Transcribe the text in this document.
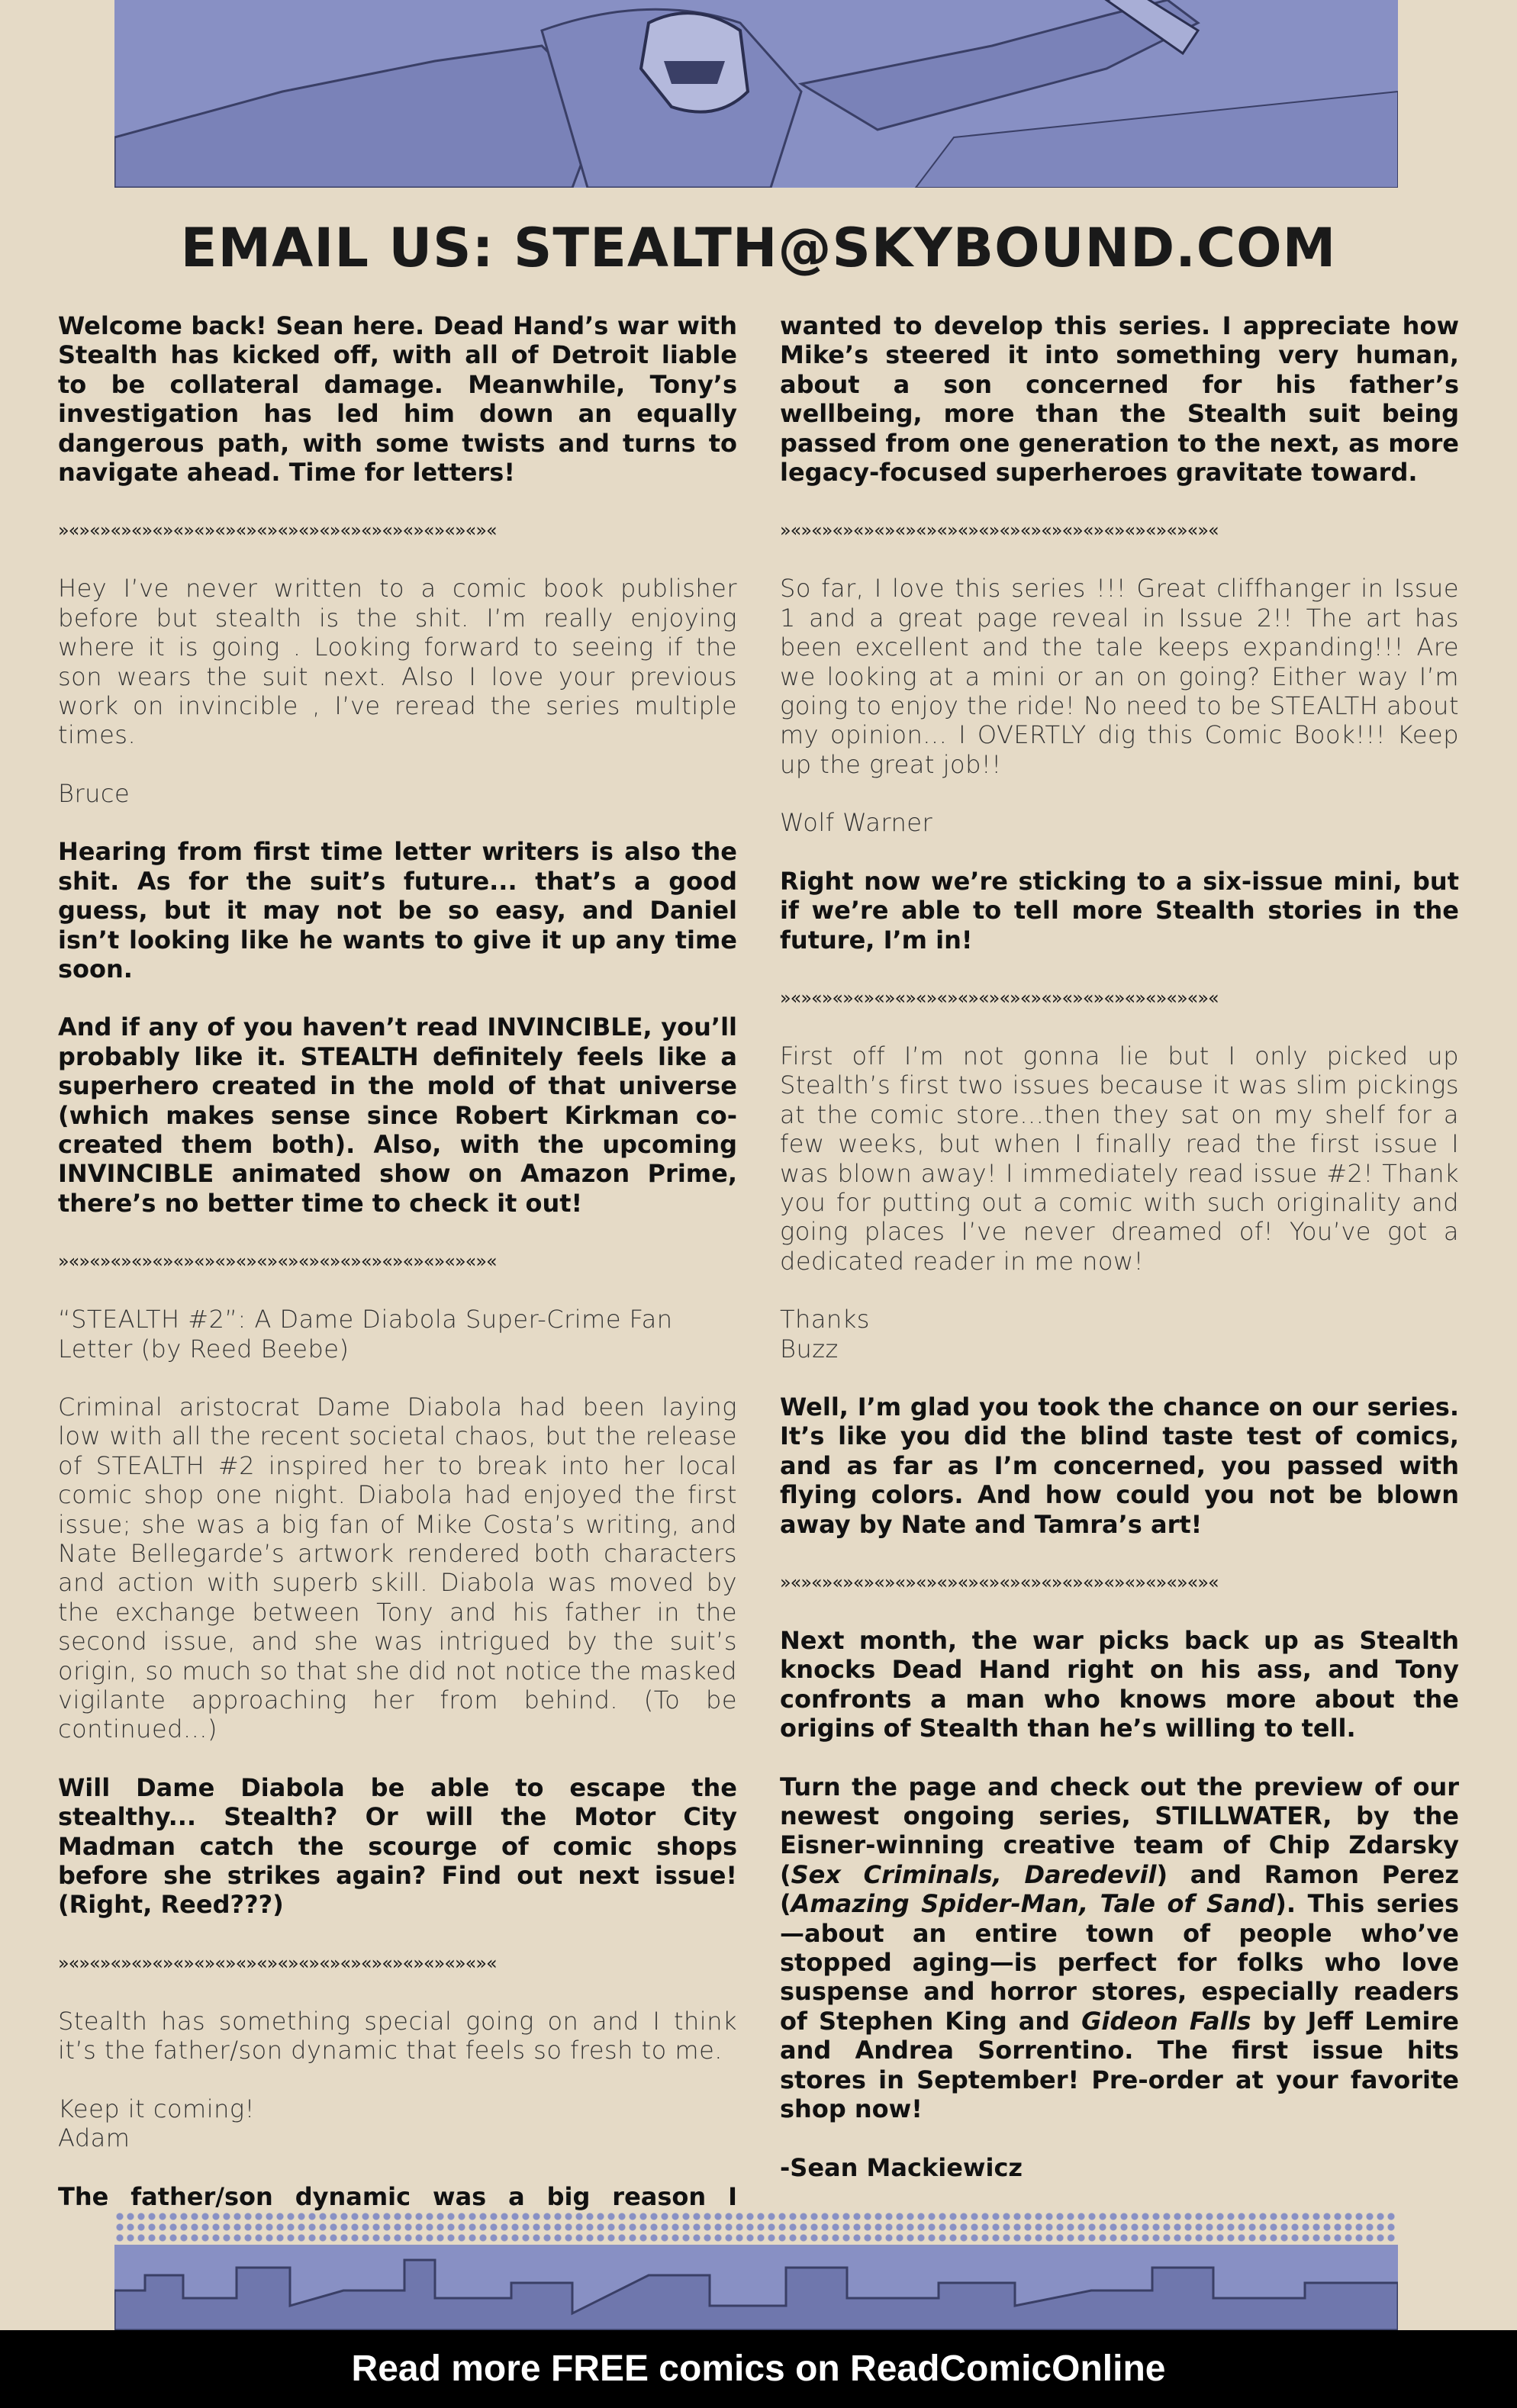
EMAIL US: STEALTH@SKYBOUND.COM

Welcome back! Sean here. Dead Hand’s war with Stealth has kicked off, with all of Detroit liable to be collateral damage. Meanwhile, Tony’s investigation has led him down an equally dangerous path, with some twists and turns to navigate ahead. Time for letters!

»«»«»«»«»«»«»«»«»«»«»«»«»«»«»«»«»«»«»«»«»«

Hey I’ve never written to a comic book publisher before but stealth is the shit. I’m really enjoying where it is going . Looking forward to seeing if the son wears the suit next. Also I love your previous work on invincible , I’ve reread the series multiple times.

Bruce

Hearing from first time letter writers is also the shit. As for the suit’s future... that’s a good guess, but it may not be so easy, and Daniel isn’t looking like he wants to give it up any time soon.

And if any of you haven’t read INVINCIBLE, you’ll probably like it. STEALTH definitely feels like a superhero created in the mold of that universe (which makes sense since Robert Kirkman co-created them both). Also, with the upcoming INVINCIBLE animated show on Amazon Prime, there’s no better time to check it out!

»«»«»«»«»«»«»«»«»«»«»«»«»«»«»«»«»«»«»«»«»«

“STEALTH #2”: A Dame Diabola Super-Crime Fan Letter (by Reed Beebe)

Criminal aristocrat Dame Diabola had been laying low with all the recent societal chaos, but the release of STEALTH #2 inspired her to break into her local comic shop one night. Diabola had enjoyed the first issue; she was a big fan of Mike Costa’s writing, and Nate Bellegarde’s artwork rendered both characters and action with superb skill. Diabola was moved by the exchange between Tony and his father in the second issue, and she was intrigued by the suit’s origin, so much so that she did not notice the masked vigilante approaching her from behind. (To be continued...)

Will Dame Diabola be able to escape the stealthy... Stealth? Or will the Motor City Madman catch the scourge of comic shops before she strikes again? Find out next issue! (Right, Reed???)

»«»«»«»«»«»«»«»«»«»«»«»«»«»«»«»«»«»«»«»«»«

Stealth has something special going on and I think it’s the father/son dynamic that feels so fresh to me.

Keep it coming!
Adam

The father/son dynamic was a big reason I

wanted to develop this series. I appreciate how Mike’s steered it into something very human, about a son concerned for his father’s wellbeing, more than the Stealth suit being passed from one generation to the next, as more legacy-focused superheroes gravitate toward.

»«»«»«»«»«»«»«»«»«»«»«»«»«»«»«»«»«»«»«»«»«

So far, I love this series !!! Great cliffhanger in Issue 1 and a great page reveal in Issue 2!! The art has been excellent and the tale keeps expanding!!! Are we looking at a mini or an on going? Either way I’m going to enjoy the ride! No need to be STEALTH about my opinion... I OVERTLY dig this Comic Book!!! Keep up the great job!!

Wolf Warner

Right now we’re sticking to a six-issue mini, but if we’re able to tell more Stealth stories in the future, I’m in!

»«»«»«»«»«»«»«»«»«»«»«»«»«»«»«»«»«»«»«»«»«

First off I’m not gonna lie but I only picked up Stealth’s first two issues because it was slim pickings at the comic store...then they sat on my shelf for a few weeks, but when I finally read the first issue I was blown away! I immediately read issue #2! Thank you for putting out a comic with such originality and going places I’ve never dreamed of! You’ve got a dedicated reader in me now!

Thanks
Buzz

Well, I’m glad you took the chance on our series. It’s like you did the blind taste test of comics, and as far as I’m concerned, you passed with flying colors. And how could you not be blown away by Nate and Tamra’s art!

»«»«»«»«»«»«»«»«»«»«»«»«»«»«»«»«»«»«»«»«»«

Next month, the war picks back up as Stealth knocks Dead Hand right on his ass, and Tony confronts a man who knows more about the origins of Stealth than he’s willing to tell.

Turn the page and check out the preview of our newest ongoing series, STILLWATER, by the Eisner-winning creative team of Chip Zdarsky (Sex Criminals, Daredevil) and Ramon Perez (Amazing Spider-Man, Tale of Sand). This series—about an entire town of people who’ve stopped aging—is perfect for folks who love suspense and horror stores, especially readers of Stephen King and Gideon Falls by Jeff Lemire and Andrea Sorrentino. The first issue hits stores in September! Pre-order at your favorite shop now!

-Sean Mackiewicz

Read more FREE comics on ReadComicOnline
